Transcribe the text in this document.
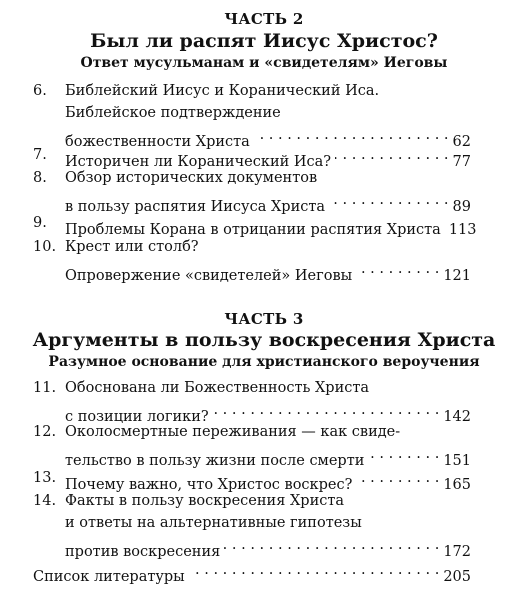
ЧАСТЬ 2
Был ли распят Иисус Христос?
Ответ мусульманам и «свидетелям» Иеговы
6. Библейский Иисус и Коранический Иса.
Библейское подтверждение
божественности Христа . . .	62
7. Историчен ли Коранический Иса? . . .	77
8. Обзор исторических документов
в пользу распятия Иисуса Христа . . .	89
9. Проблемы Корана в отрицании распятия Христа 113
10. Крест или столб?
Опровержение «свидетелей» Иеговы . . .	121
ЧАСТЬ 3
Аргументы в пользу воскресения Христа
Разумное основание для христианского вероучения
11. Обоснована ли Божественность Христа
с позиции логики? . . .	142
12. Околосмертные переживания — как свиде-
тельство в пользу жизни после смерти . . .	151
13. Почему важно, что Христос воскрес? . . .	165
14. Факты в пользу воскресения Христа
и ответы на альтернативные гипотезы
против воскресения . . .	172
Список литературы . . .	205
